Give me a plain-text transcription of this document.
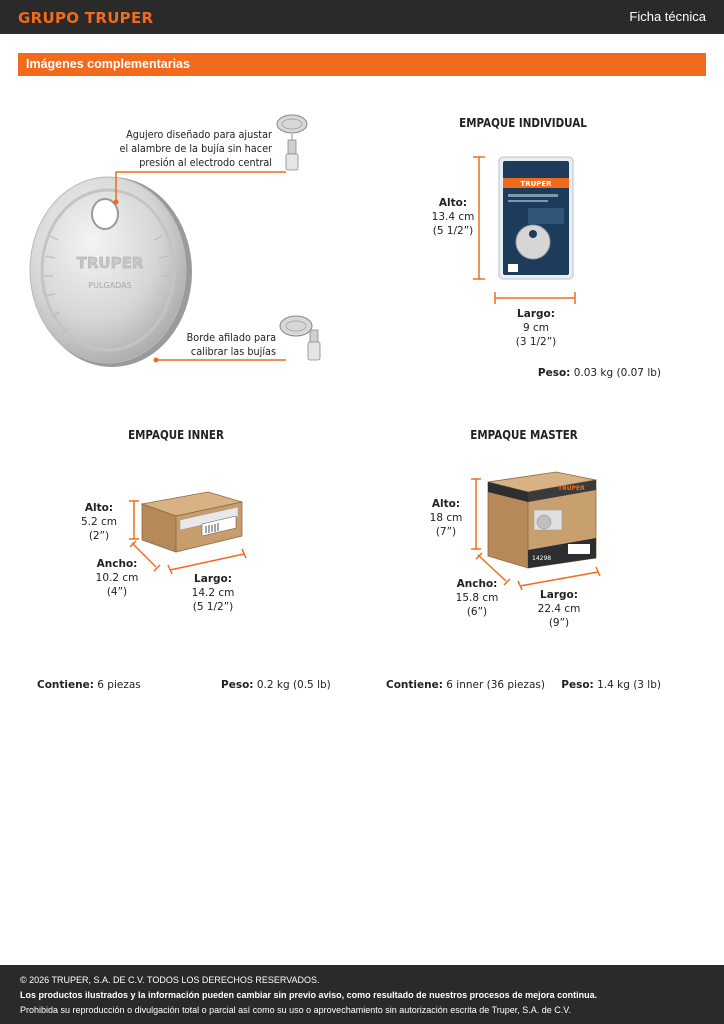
GRUPO TRUPER	Ficha técnica
Imágenes complementarias
TRUPER
PULGADAS
Agujero diseñado para ajustar
el alambre de la bujía sin hacer
presión al electrodo central
Borde afilado para
calibrar las bujías
EMPAQUE INDIVIDUAL
TRUPER
Alto:
13.4 cm
(5 1/2”)
Largo:
9 cm
(3 1/2”)
Peso: 0.03 kg (0.07 lb)
EMPAQUE INNER
Alto:
5.2 cm
(2”)
Ancho:
10.2 cm
(4”)
Largo:
14.2 cm
(5 1/2”)
Contiene: 6 piezas	Peso: 0.2 kg (0.5 lb)
EMPAQUE MASTER
TRUPER
14298
Alto:
18 cm
(7”)
Ancho:
15.8 cm
(6”)
Largo:
22.4 cm
(9”)
Contiene: 6 inner (36 piezas) Peso: 1.4 kg (3 lb)
© 2026 TRUPER, S.A. DE C.V. TODOS LOS DERECHOS RESERVADOS.
Los productos ilustrados y la información pueden cambiar sin previo aviso, como resultado de nuestros procesos de mejora continua.
Prohibida su reproducción o divulgación total o parcial así como su uso o aprovechamiento sin autorización escrita de Truper, S.A. de C.V.
